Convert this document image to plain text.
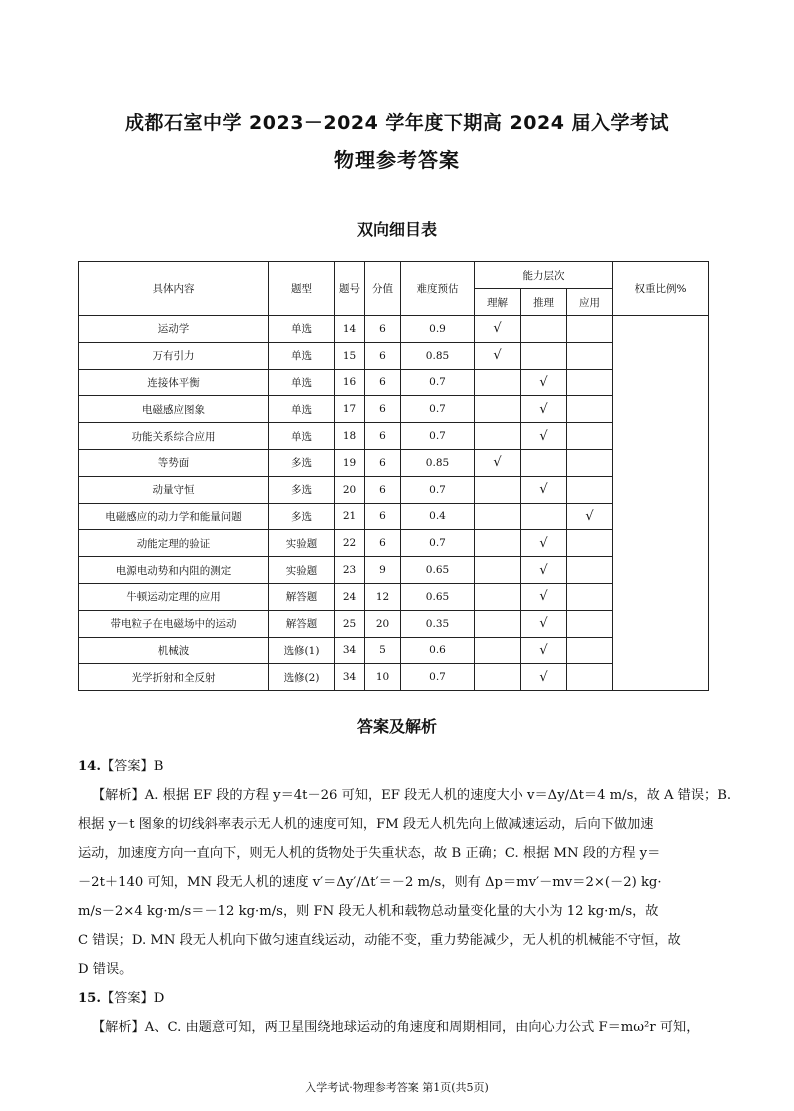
成都石室中学 2023－2024 学年度下期高 2024 届入学考试
物理参考答案
双向细目表
具体内容	题型	题号	分值	难度预估	能力层次			权重比例%
					理解	推理	应用	
运动学	单选	14	6	0.9	√			
万有引力	单选	15	6	0.85	√			
连接体平衡	单选	16	6	0.7		√		
电磁感应图象	单选	17	6	0.7		√		
功能关系综合应用	单选	18	6	0.7		√		
等势面	多选	19	6	0.85	√			
动量守恒	多选	20	6	0.7		√		
电磁感应的动力学和能量问题	多选	21	6	0.4			√	
动能定理的验证	实验题	22	6	0.7		√		
电源电动势和内阻的测定	实验题	23	9	0.65		√		
牛顿运动定理的应用	解答题	24	12	0.65		√		
带电粒子在电磁场中的运动	解答题	25	20	0.35		√		
机械波	选修(1)	34	5	0.6		√		
光学折射和全反射	选修(2)	34	10	0.7		√		
答案及解析
14.【答案】B
【解析】A. 根据 EF 段的方程 y＝4t－26 可知，EF 段无人机的速度大小 v＝Δy/Δt＝4 m/s，故 A 错误；B.
根据 y－t 图象的切线斜率表示无人机的速度可知，FM 段无人机先向上做减速运动，后向下做加速
运动，加速度方向一直向下，则无人机的货物处于失重状态，故 B 正确；C. 根据 MN 段的方程 y＝
－2t＋140 可知，MN 段无人机的速度 v′＝Δy′/Δt′＝－2 m/s，则有 Δp＝mv′－mv＝2×(－2) kg·
m/s－2×4 kg·m/s＝－12 kg·m/s，则 FN 段无人机和载物总动量变化量的大小为 12 kg·m/s，故
C 错误；D. MN 段无人机向下做匀速直线运动，动能不变，重力势能减少，无人机的机械能不守恒，故
D 错误。
15.【答案】D
【解析】A、C. 由题意可知，两卫星围绕地球运动的角速度和周期相同，由向心力公式 F＝mω²r 可知，
入学考试·物理参考答案 第1页(共5页)
